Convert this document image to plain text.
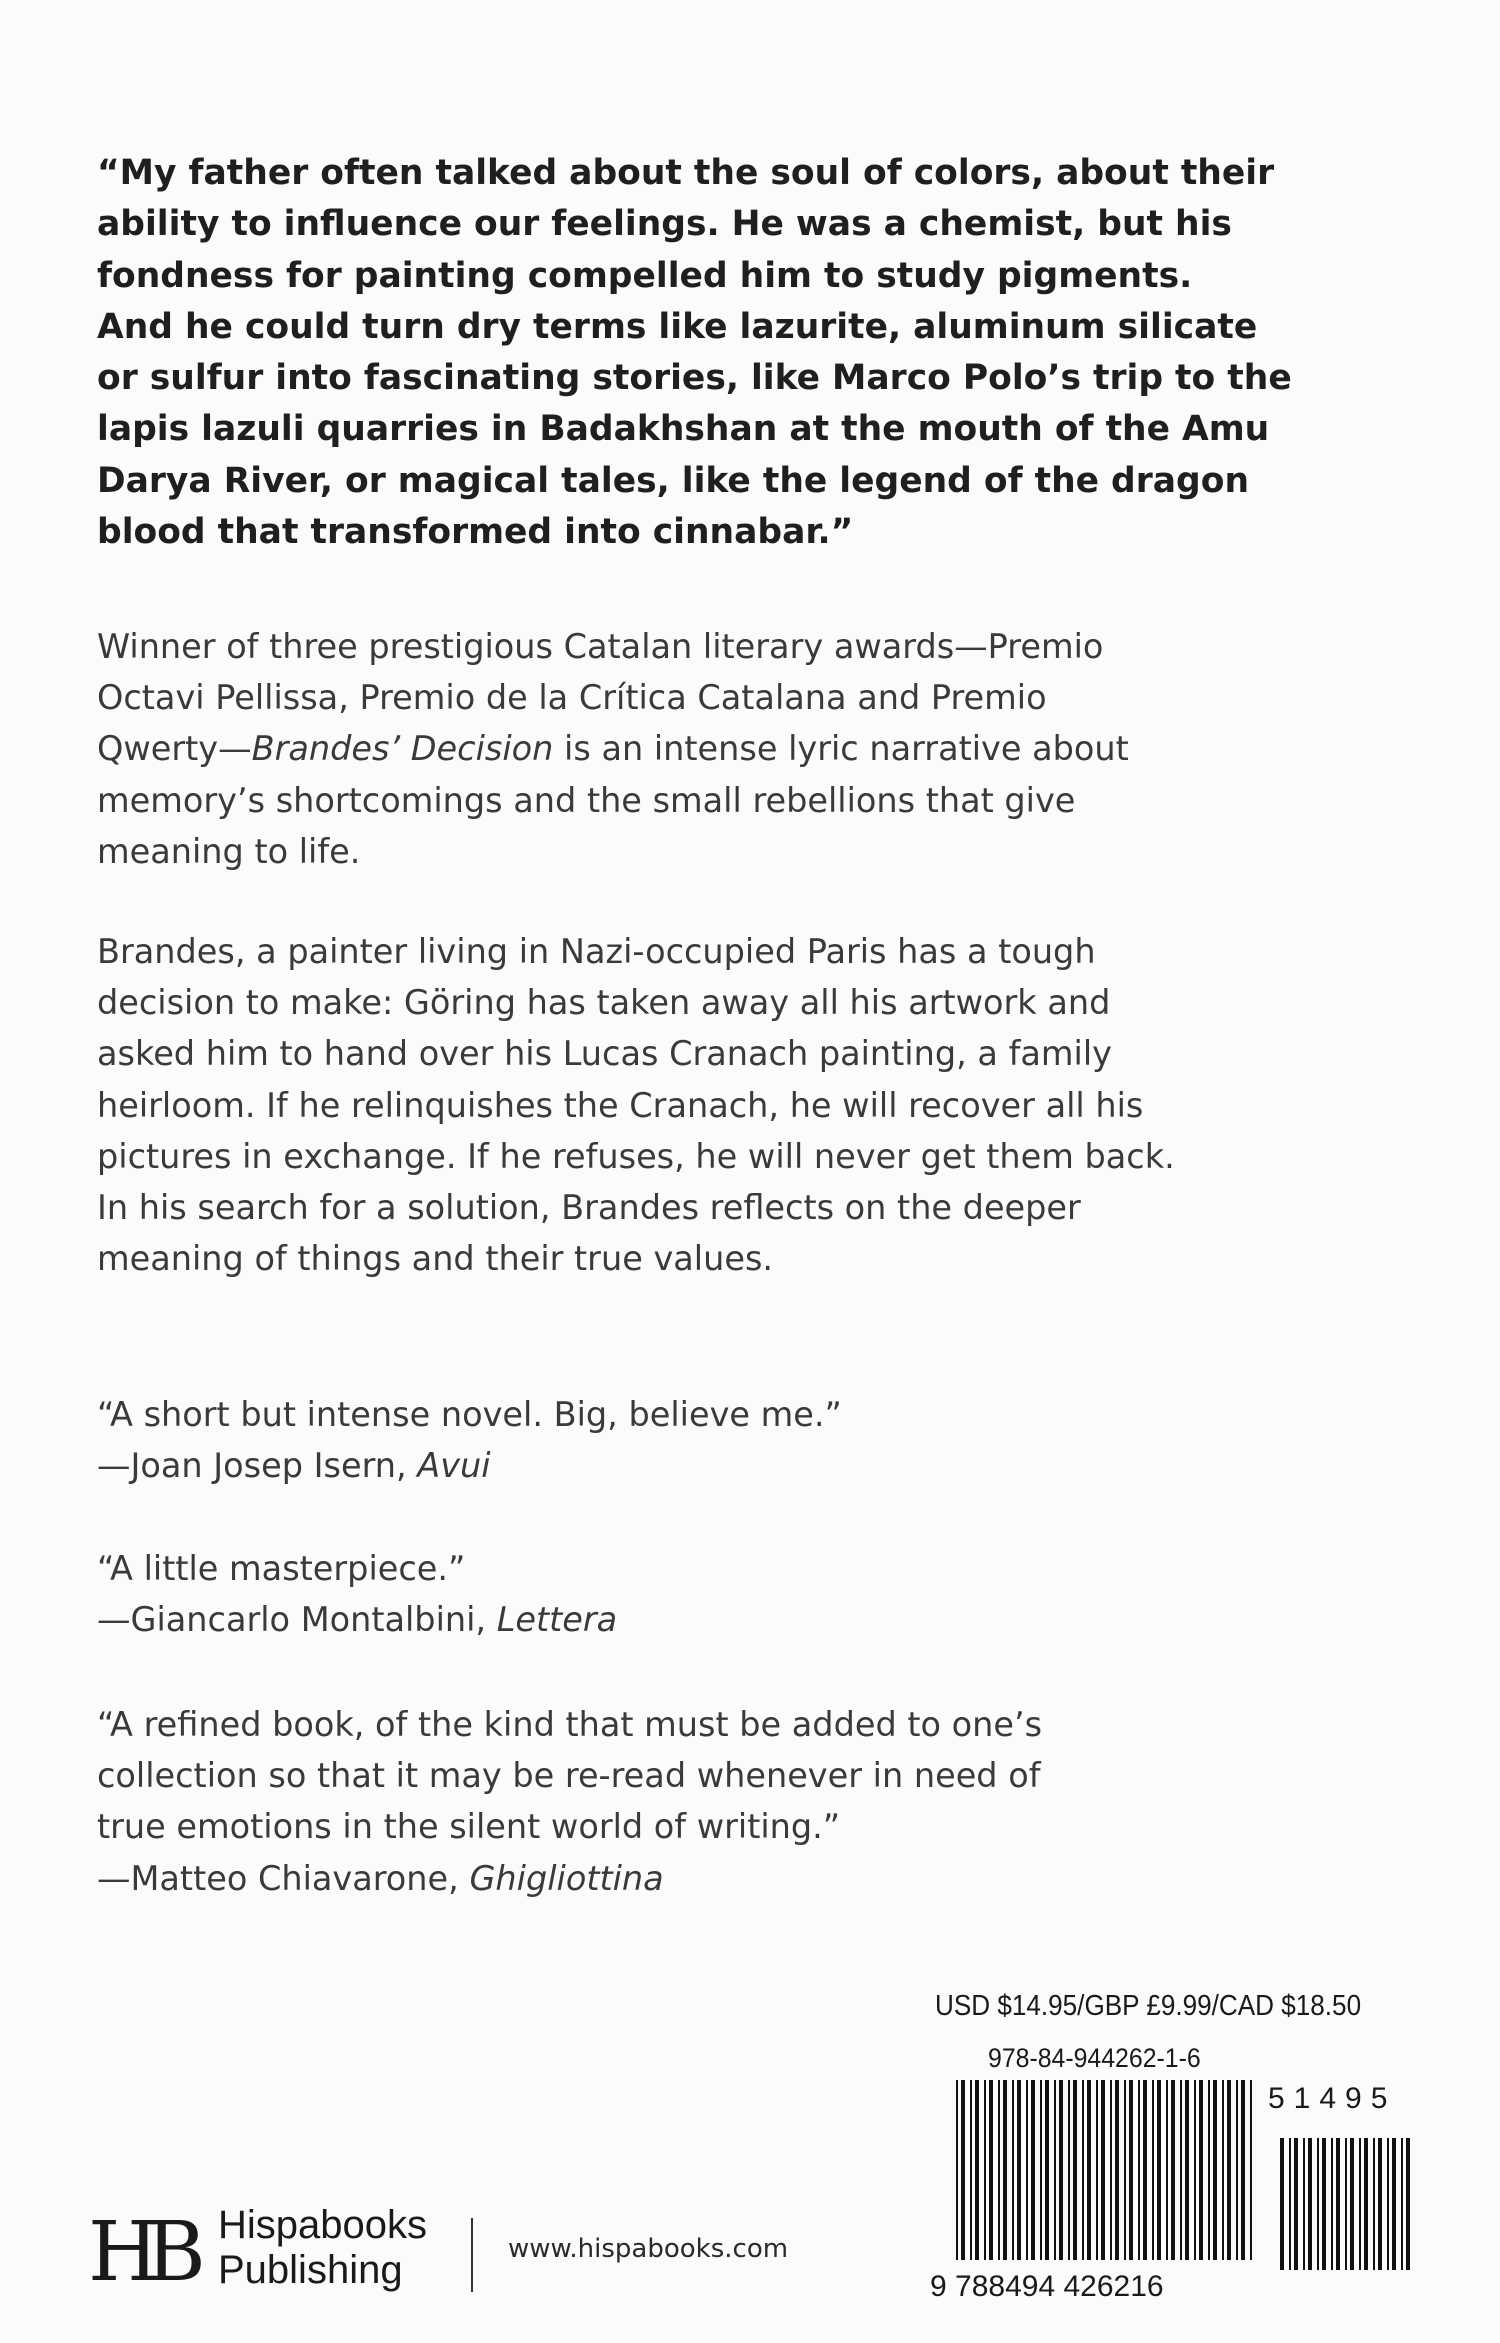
“My father often talked about the soul of colors, about their
ability to influence our feelings. He was a chemist, but his
fondness for painting compelled him to study pigments.
And he could turn dry terms like lazurite, aluminum silicate
or sulfur into fascinating stories, like Marco Polo’s trip to the
lapis lazuli quarries in Badakhshan at the mouth of the Amu
Darya River, or magical tales, like the legend of the dragon
blood that transformed into cinnabar.”
Winner of three prestigious Catalan literary awards—Premio
Octavi Pellissa, Premio de la Crítica Catalana and Premio
Qwerty—Brandes’ Decision is an intense lyric narrative about
memory’s shortcomings and the small rebellions that give
meaning to life.
Brandes, a painter living in Nazi-occupied Paris has a tough
decision to make: Göring has taken away all his artwork and
asked him to hand over his Lucas Cranach painting, a family
heirloom. If he relinquishes the Cranach, he will recover all his
pictures in exchange. If he refuses, he will never get them back.
In his search for a solution, Brandes reflects on the deeper
meaning of things and their true values.
“A short but intense novel. Big, believe me.”
—Joan Josep Isern, Avui
“A little masterpiece.”
—Giancarlo Montalbini, Lettera
“A refined book, of the kind that must be added to one’s
collection so that it may be re-read whenever in need of
true emotions in the silent world of writing.”
—Matteo Chiavarone, Ghigliottina
USD $14.95/GBP £9.99/CAD $18.50
978-84-944262-1-6
51495
9 788494 426216
HB Hispabooks
Publishing	www.hispabooks.com
